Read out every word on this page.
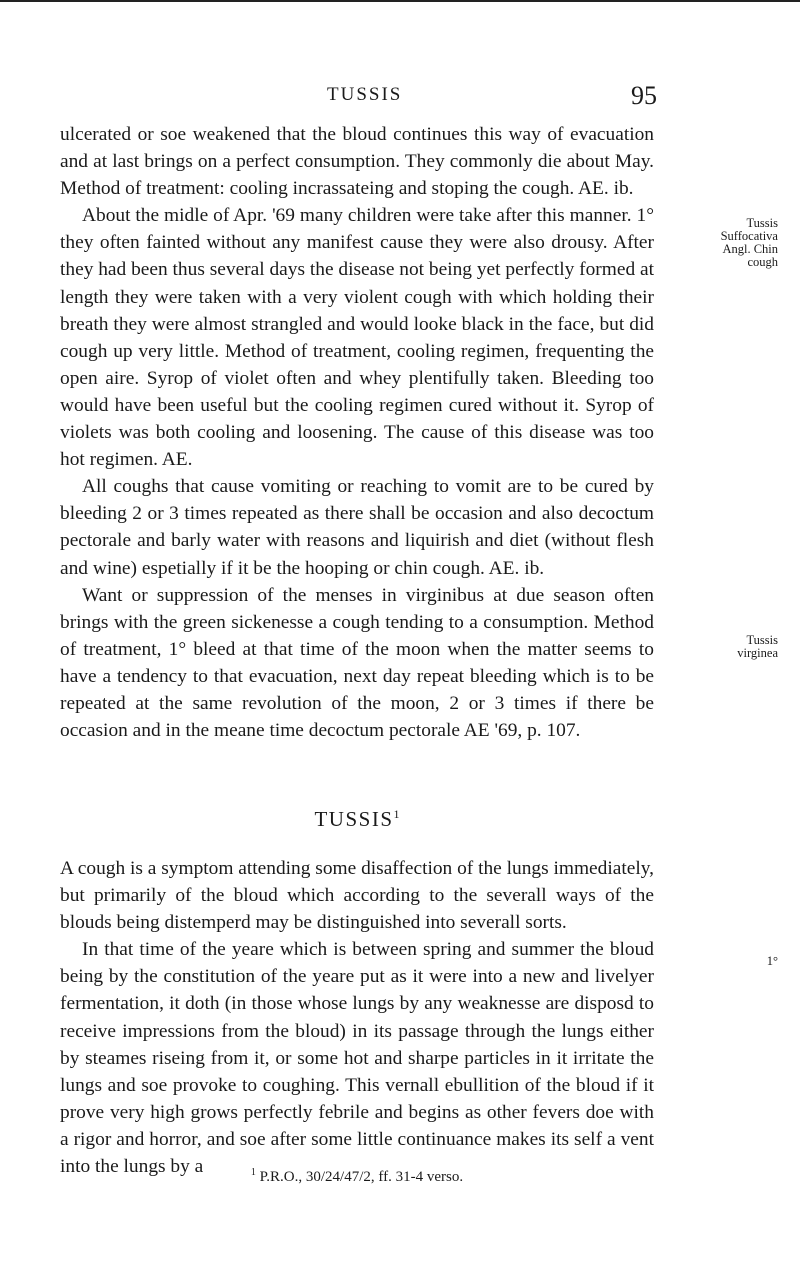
TUSSIS	95

ulcerated or soe weakened that the bloud continues this way of evacuation and at last brings on a perfect consumption. They commonly die about May. Method of treatment: cooling incrassateing and stoping the cough. AE. ib.

About the midle of Apr. '69 many children were take after this manner. 1° they often fainted without any manifest cause they were also drousy. After they had been thus several days the disease not being yet perfectly formed at length they were taken with a very violent cough with which holding their breath they were almost strangled and would looke black in the face, but did cough up very little. Method of treatment, cooling regimen, frequenting the open aire. Syrop of violet often and whey plentifully taken. Bleeding too would have been useful but the cooling regimen cured without it. Syrop of violets was both cooling and loosening. The cause of this disease was too hot regimen. AE.

All coughs that cause vomiting or reaching to vomit are to be cured by bleeding 2 or 3 times repeated as there shall be occasion and also decoctum pectorale and barly water with reasons and liquirish and diet (without flesh and wine) espetially if it be the hooping or chin cough. AE. ib.

Want or suppression of the menses in virginibus at due season often brings with the green sickenesse a cough tending to a consumption. Method of treatment, 1° bleed at that time of the moon when the matter seems to have a tendency to that evacuation, next day repeat bleeding which is to be repeated at the same revolution of the moon, 2 or 3 times if there be occasion and in the meane time decoctum pectorale AE '69, p. 107.

TUSSIS$^1$

A cough is a symptom attending some disaffection of the lungs immediately, but primarily of the bloud which according to the severall ways of the blouds being distemperd may be distinguished into severall sorts.

In that time of the yeare which is between spring and summer the bloud being by the constitution of the yeare put as it were into a new and livelyer fermentation, it doth (in those whose lungs by any weaknesse are disposd to receive impressions from the bloud) in its passage through the lungs either by steames riseing from it, or some hot and sharpe particles in it irritate the lungs and soe provoke to coughing. This vernall ebullition of the bloud if it prove very high grows perfectly febrile and begins as other fevers doe with a rigor and horror, and soe after some little continuance makes its self a vent into the lungs by a

Tussis
Suffocativa
Angl. Chin
cough
Tussis
virginea
1°
$^1$ P.R.O., 30/24/47/2, ff. 31-4 verso.
